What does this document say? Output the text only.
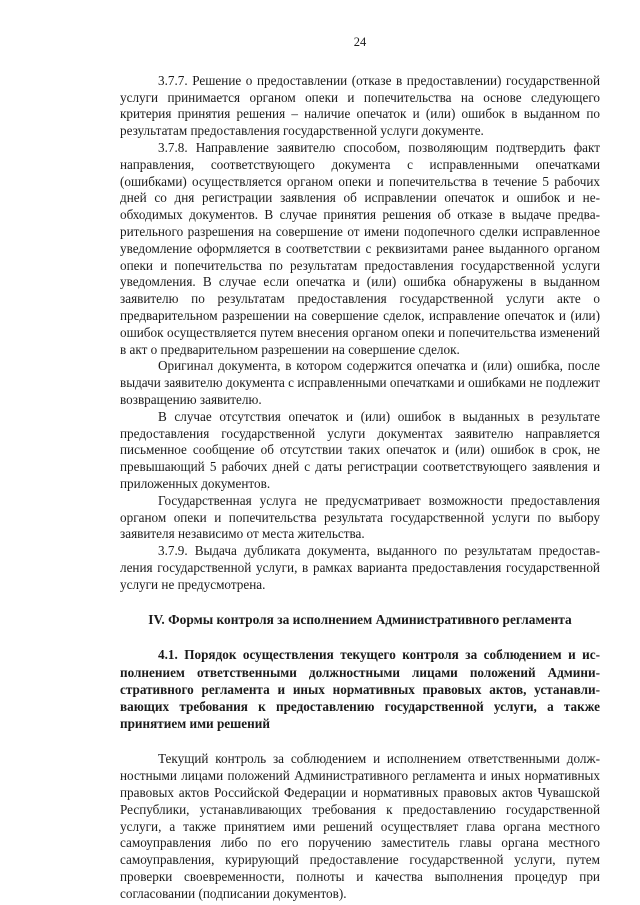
24

3.7.7. Решение о предоставлении (отказе в предоставлении) государственной услуги принимается органом опеки и попечительства на основе следующего критерия принятия решения – наличие опечаток и (или) ошибок в выданном по результатам предоставления государственной услуги документе.

3.7.8. Направление заявителю способом, позволяющим подтвердить факт направления, соответствующего документа с исправленными опечатками (ошибками) осуществляется органом опеки и попечительства в течение 5 рабочих дней со дня регистрации заявления об исправлении опечаток и ошибок и необходимых документов. В случае принятия решения об отказе в выдаче предварительного разрешения на совершение от имени подопечного сделки исправленное уведомление оформляется в соответствии с реквизитами ранее выданного органом опеки и попечительства по результатам предоставления государственной услуги уведомления. В случае если опечатка и (или) ошибка обнаружены в выданном заявителю по результатам предоставления государственной услуги акте о предварительном разрешении на совершение сделок, исправление опечаток и (или) ошибок осуществляется путем внесения органом опеки и попечительства изменений в акт о предварительном разрешении на совершение сделок.

Оригинал документа, в котором содержится опечатка и (или) ошибка, после выдачи заявителю документа с исправленными опечатками и ошибками не подлежит возвращению заявителю.

В случае отсутствия опечаток и (или) ошибок в выданных в результате предоставления государственной услуги документах заявителю направляется письменное сообщение об отсутствии таких опечаток и (или) ошибок в срок, не превышающий 5 рабочих дней с даты регистрации соответствующего заявления и приложенных документов.

Государственная услуга не предусматривает возможности предоставления органом опеки и попечительства результата государственной услуги по выбору заявителя независимо от места жительства.

3.7.9. Выдача дубликата документа, выданного по результатам предоставления государственной услуги, в рамках варианта предоставления государственной услуги не предусмотрена.

IV. Формы контроля за исполнением Административного регламента
4.1. Порядок осуществления текущего контроля за соблюдением и исполнением ответственными должностными лицами положений Административного регламента и иных нормативных правовых актов, устанавливающих требования к предоставлению государственной услуги, а также принятием ими решений

Текущий контроль за соблюдением и исполнением ответственными должностными лицами положений Административного регламента и иных нормативных правовых актов Российской Федерации и нормативных правовых актов Чувашской Республики, устанавливающих требования к предоставлению государственной услуги, а также принятием ими решений осуществляет глава органа местного самоуправления либо по его поручению заместитель главы органа местного самоуправления, курирующий предоставление государственной услуги, путем проверки своевременности, полноты и качества выполнения процедур при согласовании (подписании документов).
